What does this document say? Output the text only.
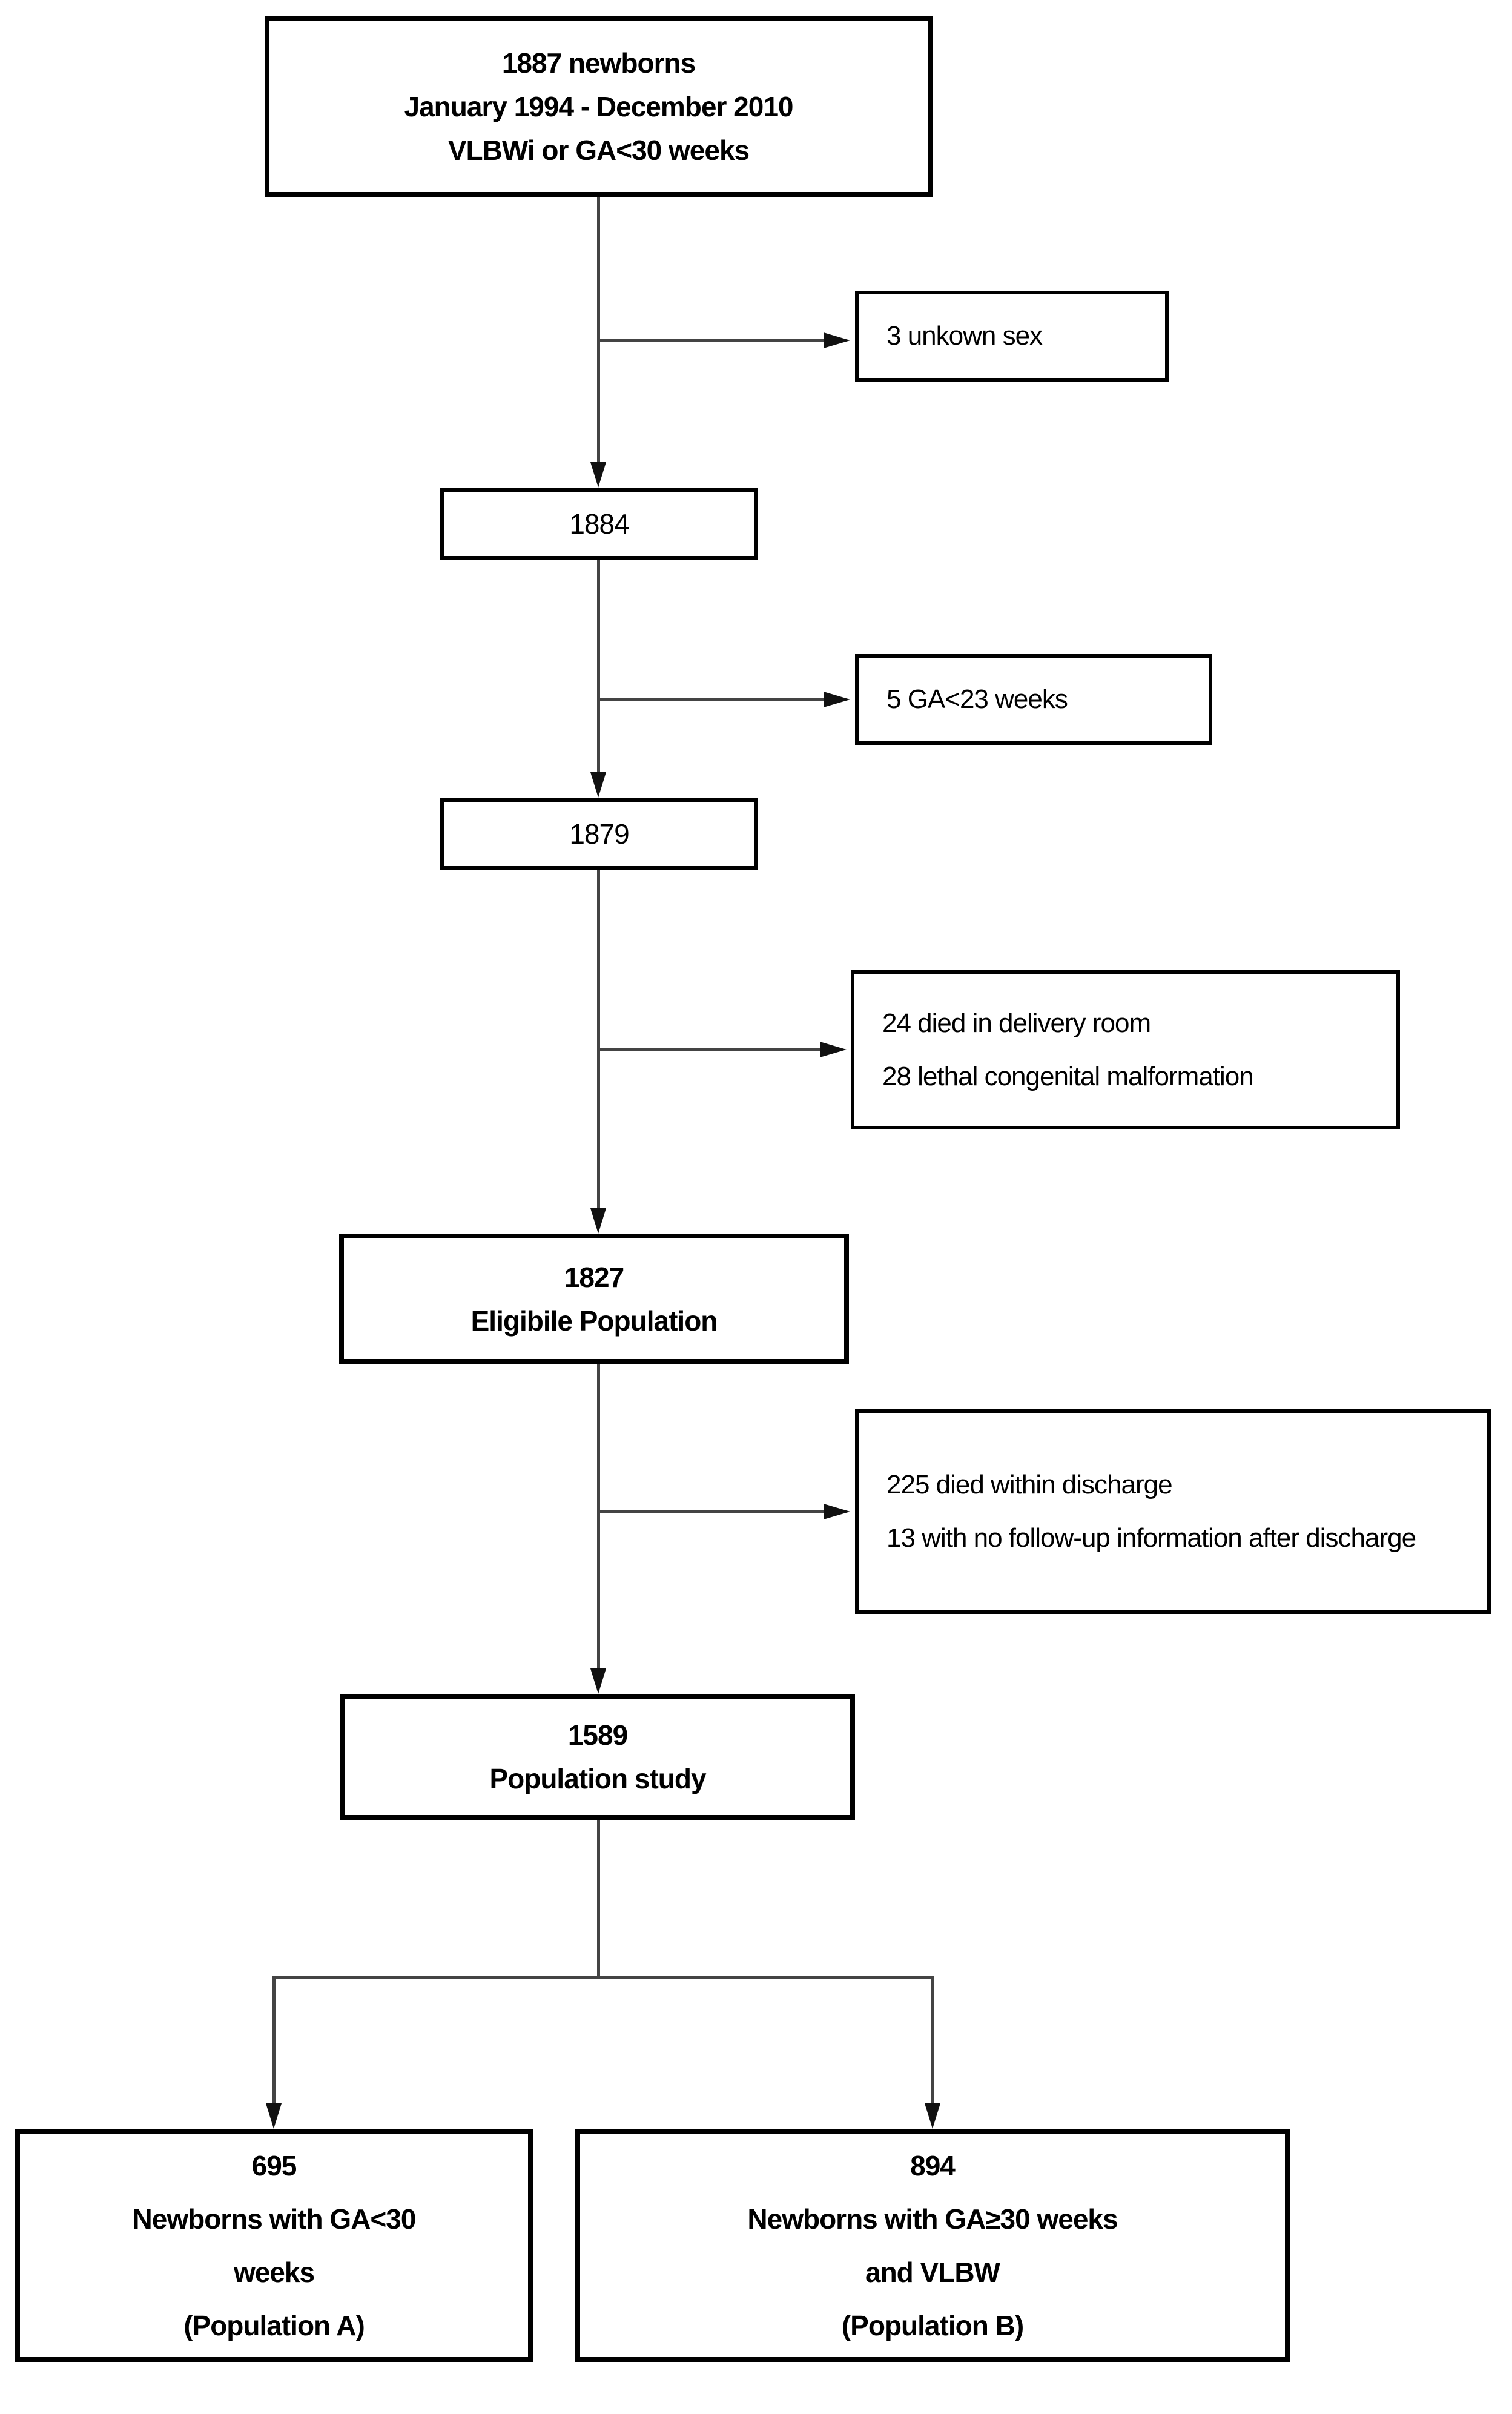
1887 newborns
January 1994 - December 2010
VLBWi or GA<30 weeks
1884
1879
1827
Eligibile Population
1589
Population study
695
Newborns with GA<30
weeks
(Population A)
894
Newborns with GA≥30 weeks
and VLBW
(Population B)
3 unkown sex
5 GA<23 weeks
24 died in delivery room
28 lethal congenital malformation
225 died within discharge
13 with no follow-up information after discharge
